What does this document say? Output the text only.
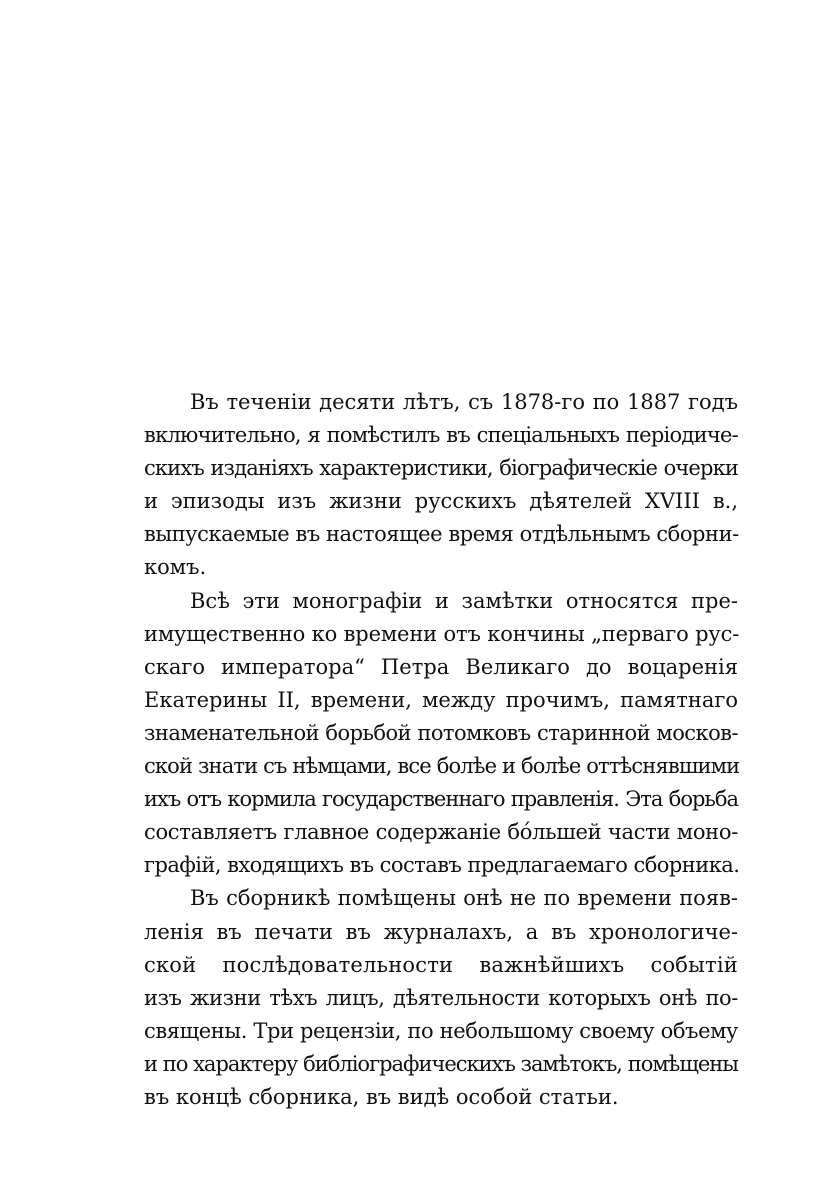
Въ теченіи десяти лѣтъ, съ 1878-го по 1887 годъ
включительно, я помѣстилъ въ спеціальныхъ періодиче-
скихъ изданіяхъ характеристики, біографическіе очерки
и эпизоды изъ жизни русскихъ дѣятелей XVIII в.,
выпускаемые въ настоящее время отдѣльнымъ сборни-
комъ.
Всѣ эти монографіи и замѣтки относятся пре-
имущественно ко времени отъ кончины „перваго рус-
скаго императора“ Петра Великаго до воцаренія
Екатерины II, времени, между прочимъ, памятнаго
знаменательной борьбой потомковъ старинной москов-
ской знати съ нѣмцами, все болѣе и болѣе оттѣснявшими
ихъ отъ кормила государственнаго правленія. Эта борьба
составляетъ главное содержаніе бо́льшей части моно-
графій, входящихъ въ составъ предлагаемаго сборника.
Въ сборникѣ помѣщены онѣ не по времени появ-
ленія въ печати въ журналахъ, а въ хронологиче-
ской послѣдовательности важнѣйшихъ событій
изъ жизни тѣхъ лицъ, дѣятельности которыхъ онѣ по-
священы. Три рецензіи, по небольшому своему объему
и по характеру библіографическихъ замѣтокъ, помѣщены
въ концѣ сборника, въ видѣ особой статьи.
